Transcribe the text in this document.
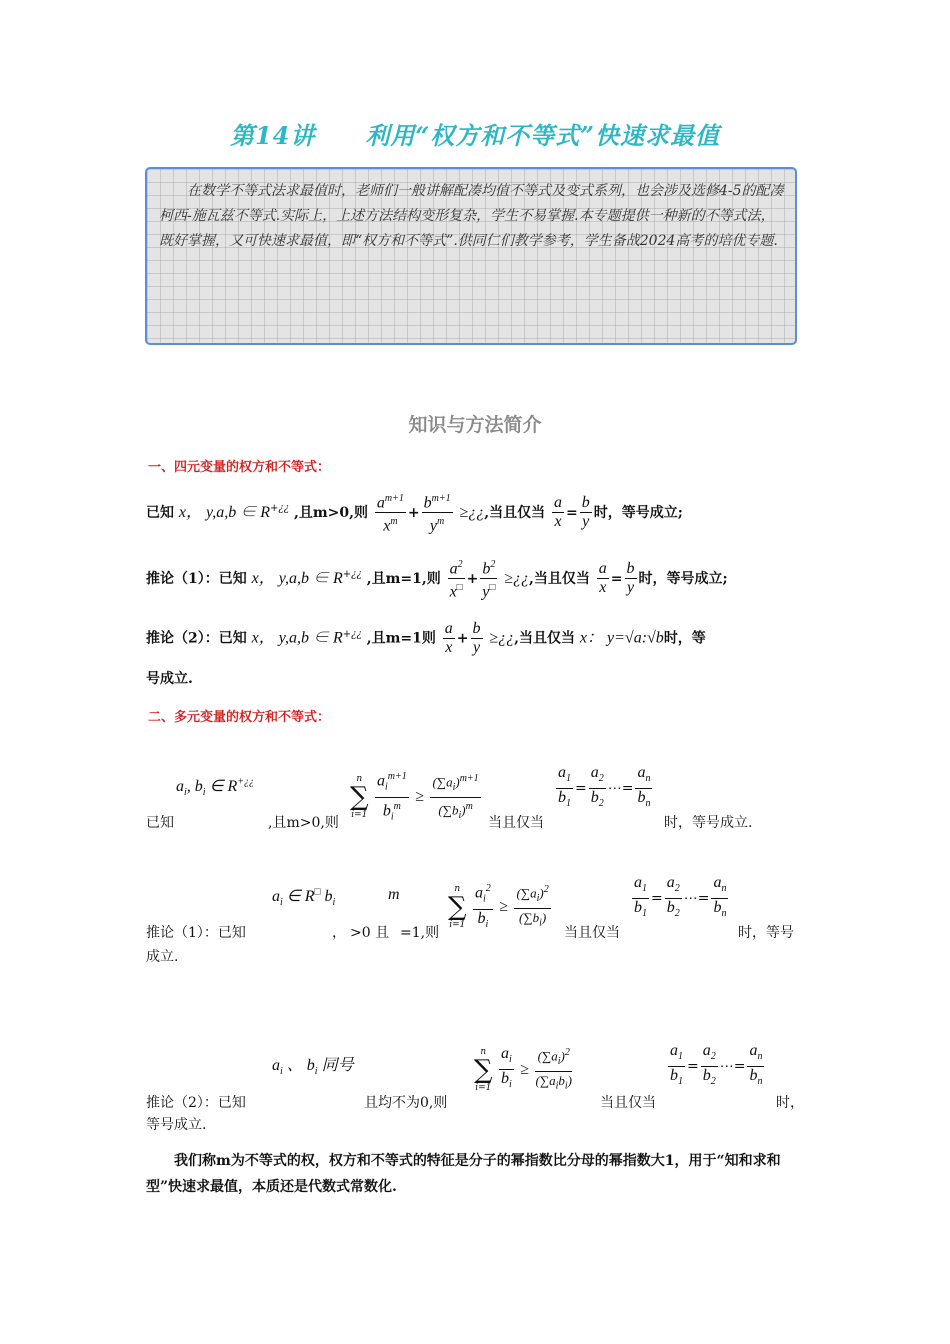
第14讲　　利用“权方和不等式”快速求最值
在数学不等式法求最值时，老师们一般讲解配凑均值不等式及变式系列，也会涉及选修4-5的配凑柯西-施瓦兹不等式.实际上，上述方法结构变形复杂，学生不易掌握.本专题提供一种新的不等式法，既好掌握，又可快速求最值，即“权方和不等式”.供同仁们教学参考，学生备战2024高考的培优专题.
知识与方法简介
一、四元变量的权方和不等式：
已知 x， y,a,b ∈ R+¿¿ ,且m>0,则 $\frac{a^{m+1}}{x^m} + \frac{b^{m+1}}{y^m}$ ≥¿¿,当且仅当 $\frac{a}{x} = \frac{b}{y}$ 时，等号成立;
推论（1）：已知 x， y,a,b ∈ R+¿¿ ,且m=1,则 $\frac{a^2}{x^□} + \frac{b^2}{y^□}$ ≥¿¿,当且仅当 $\frac{a}{x} = \frac{b}{y}$ 时，等号成立;
推论（2）：已知 x， y,a,b ∈ R+¿¿ ,且m=1则 $\frac{a}{x} + \frac{b}{y}$ ≥¿¿,当且仅当 x： y=√a:√b时，等
号成立.
二、多元变量的权方和不等式：
$a_i$, $b_i$ ∈ R+¿¿
已知	,且m>0,则
n
∑
i=1
$\frac{a_i^{m+1}}{b_i^m} \ge \frac{(\sum a_i)^{m+1}}{(\sum b_i)^m}$ 当且仅当
$\frac{a_1}{b_1} = \frac{a_2}{b_2}$ ⋯= $\frac{a_n}{b_n}$
时，等号成立.
$a_i$ ∈ R□ $b_i$	m
推论（1）：已知	， >0 且 =1,则
n
∑
i=1
$\frac{a_i^2}{b_i} \ge \frac{(\sum a_i)^2}{(\sum b_i)}$
当且仅当
$\frac{a_1}{b_1} = \frac{a_2}{b_2}$ ⋯= $\frac{a_n}{b_n}$
时，等号
成立.
$a_i$ 、 $b_i$ 同号
推论（2）：已知	且均不为0,则
n
∑
i=1
$\frac{a_i}{b_i} \ge \frac{(\sum a_i)^2}{(\sum a_ib_i)}$
当且仅当
$\frac{a_1}{b_1} = \frac{a_2}{b_2}$ ⋯= $\frac{a_n}{b_n}$
时，
等号成立.
我们称m为不等式的权，权方和不等式的特征是分子的幂指数比分母的幂指数大1，用于“知和求和型”快速求最值，本质还是代数式常数化.
